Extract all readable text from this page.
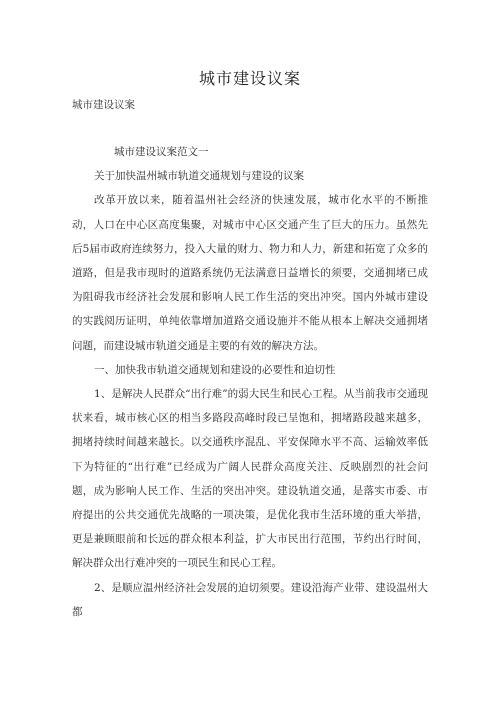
城市建设议案
城市建设议案

城市建设议案范文一

关于加快温州城市轨道交通规划与建设的议案

改革开放以来，随着温州社会经济的快速发展，城市化水平的不断推动，人口在中心区高度集聚，对城市中心区交通产生了巨大的压力。虽然先后5届市政府连续努力，投入大量的财力、物力和人力，新建和拓宽了众多的道路，但是我市现时的道路系统仍无法满意日益增长的须要，交通拥堵已成为阻碍我市经济社会发展和影响人民工作生活的突出冲突。国内外城市建设的实践阅历证明，单纯依靠增加道路交通设施并不能从根本上解决交通拥堵问题，而建设城市轨道交通是主要的有效的解决方法。

一、加快我市轨道交通规划和建设的必要性和迫切性

1、是解决人民群众“出行难”的弱大民生和民心工程。从当前我市交通现状来看，城市核心区的相当多路段高峰时段已呈饱和，拥堵路段越来越多，拥堵持续时间越来越长。以交通秩序混乱、平安保障水平不高、运输效率低下为特征的“出行难”已经成为广阔人民群众高度关注、反映剧烈的社会问题，成为影响人民工作、生活的突出冲突。建设轨道交通，是落实市委、市府提出的公共交通优先战略的一项决策，是优化我市生活环境的重大举措，更是兼顾眼前和长远的群众根本利益，扩大市民出行范围，节约出行时间，解决群众出行难冲突的一项民生和民心工程。

2、是顺应温州经济社会发展的迫切须要。建设沿海产业带、建设温州大都
